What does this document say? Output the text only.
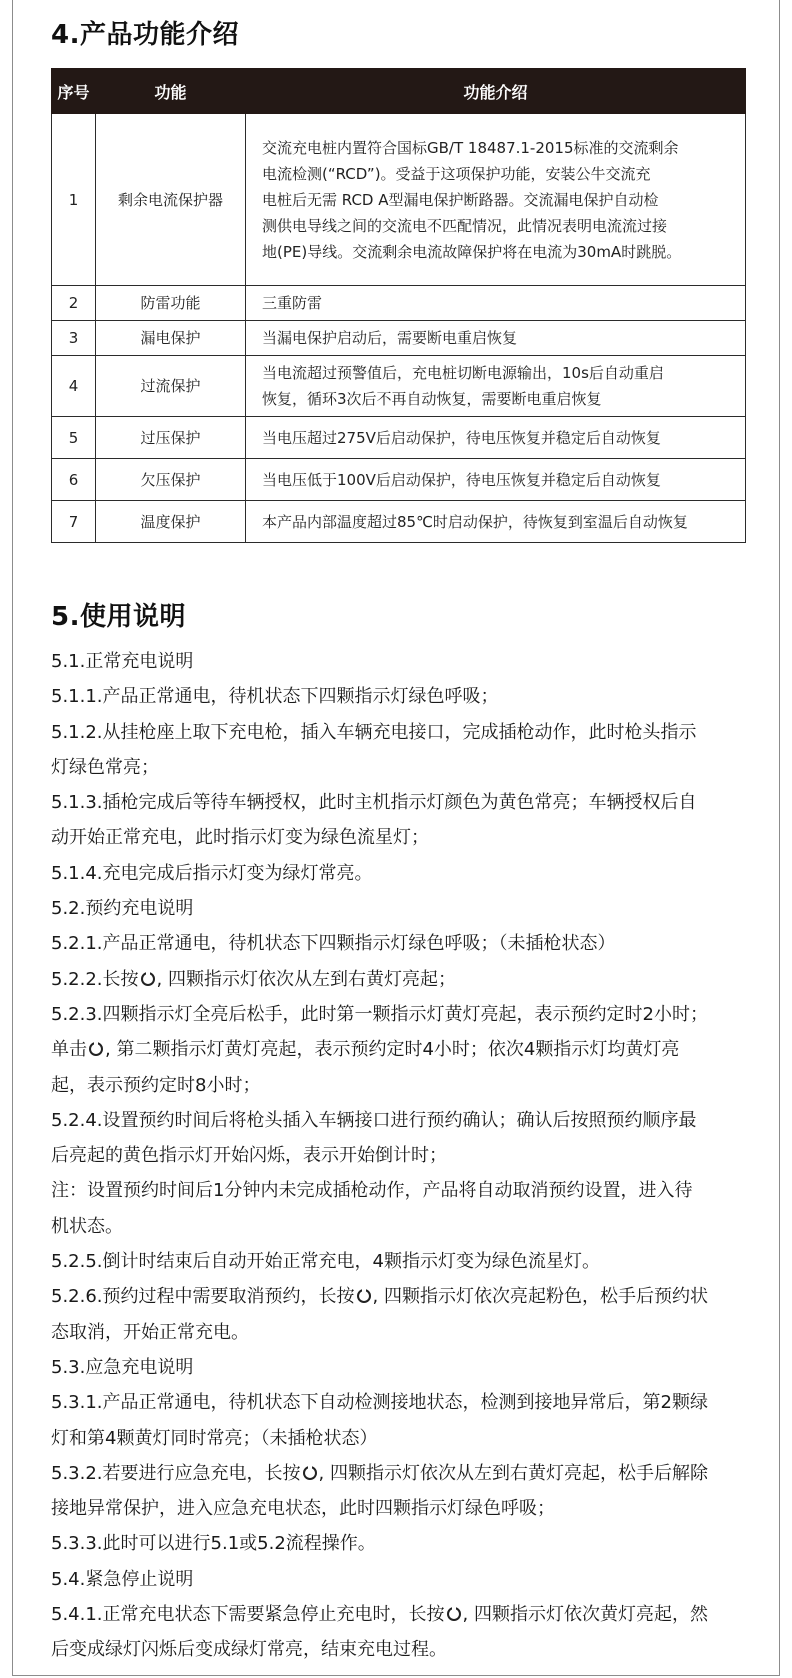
4.产品功能介绍
序号	功能	功能介绍
1	剩余电流保护器	交流充电桩内置符合国标GB/T 18487.1-2015标准的交流剩余
电流检测(“RCD”)。受益于这项保护功能，安装公牛交流充
电桩后无需 RCD A型漏电保护断路器。交流漏电保护自动检
测供电导线之间的交流电不匹配情况，此情况表明电流流过接
地(PE)导线。交流剩余电流故障保护将在电流为30mA时跳脱。

2	防雷功能	三重防雷

3	漏电保护	当漏电保护启动后，需要断电重启恢复

4	过流保护	当电流超过预警值后，充电桩切断电源输出，10s后自动重启
恢复，循环3次后不再自动恢复，需要断电重启恢复

5	过压保护	当电压超过275V后启动保护，待电压恢复并稳定后自动恢复

6	欠压保护	当电压低于100V后启动保护，待电压恢复并稳定后自动恢复

7	温度保护	本产品内部温度超过85℃时启动保护，待恢复到室温后自动恢复
5.使用说明

5.1.正常充电说明

5.1.1.产品正常通电，待机状态下四颗指示灯绿色呼吸；

5.1.2.从挂枪座上取下充电枪，插入车辆充电接口，完成插枪动作，此时枪头指示

灯绿色常亮；

5.1.3.插枪完成后等待车辆授权，此时主机指示灯颜色为黄色常亮；车辆授权后自

动开始正常充电，此时指示灯变为绿色流星灯；

5.1.4.充电完成后指示灯变为绿灯常亮。

5.2.预约充电说明

5.2.1.产品正常通电，待机状态下四颗指示灯绿色呼吸；（未插枪状态）

5.2.2.长按 , 四颗指示灯依次从左到右黄灯亮起；

5.2.3.四颗指示灯全亮后松手，此时第一颗指示灯黄灯亮起，表示预约定时2小时；

单击 , 第二颗指示灯黄灯亮起，表示预约定时4小时；依次4颗指示灯均黄灯亮

起，表示预约定时8小时；

5.2.4.设置预约时间后将枪头插入车辆接口进行预约确认；确认后按照预约顺序最

后亮起的黄色指示灯开始闪烁，表示开始倒计时；

注：设置预约时间后1分钟内未完成插枪动作，产品将自动取消预约设置，进入待

机状态。

5.2.5.倒计时结束后自动开始正常充电，4颗指示灯变为绿色流星灯。

5.2.6.预约过程中需要取消预约，长按 , 四颗指示灯依次亮起粉色，松手后预约状

态取消，开始正常充电。

5.3.应急充电说明

5.3.1.产品正常通电，待机状态下自动检测接地状态，检测到接地异常后，第2颗绿

灯和第4颗黄灯同时常亮；（未插枪状态）

5.3.2.若要进行应急充电，长按 , 四颗指示灯依次从左到右黄灯亮起，松手后解除

接地异常保护，进入应急充电状态，此时四颗指示灯绿色呼吸；

5.3.3.此时可以进行5.1或5.2流程操作。

5.4.紧急停止说明

5.4.1.正常充电状态下需要紧急停止充电时，长按 , 四颗指示灯依次黄灯亮起，然

后变成绿灯闪烁后变成绿灯常亮，结束充电过程。
